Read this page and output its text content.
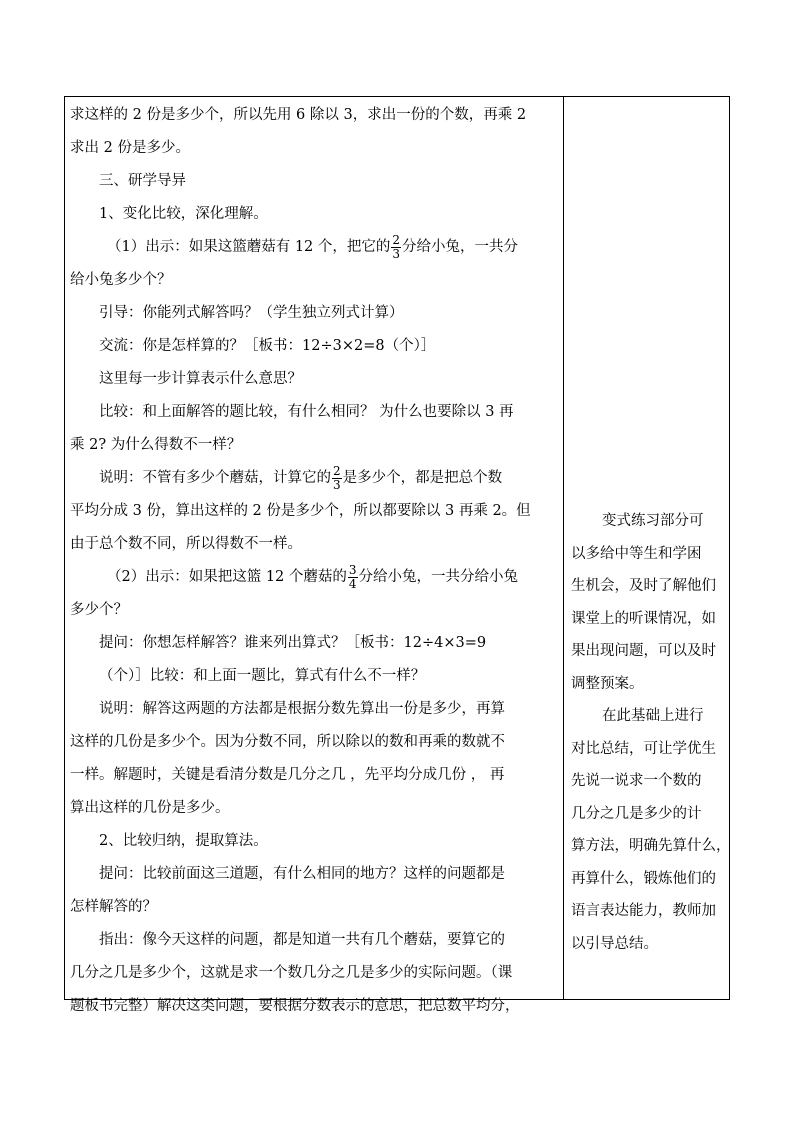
求这样的 2 份是多少个，所以先用 6 除以 3，求出一份的个数，再乘 2

求出 2 份是多少。

三、研学导异

1、变化比较，深化理解。

（1）出示：如果这篮蘑菇有 12 个，把它的 $\frac{2}{3}$ 分给小兔，一共分

给小兔多少个？

引导：你能列式解答吗？（学生独立列式计算）

交流：你是怎样算的？［板书：12÷3×2=8（个）］

这里每一步计算表示什么意思？

比较：和上面解答的题比较，有什么相同？ 为什么也要除以 3 再

乘 2? 为什么得数不一样？

说明：不管有多少个蘑菇，计算它的 $\frac{2}{3}$ 是多少个，都是把总个数

平均分成 3 份，算出这样的 2 份是多少个，所以都要除以 3 再乘 2。但

由于总个数不同，所以得数不一样。

（2）出示：如果把这篮 12 个蘑菇的 $\frac{3}{4}$ 分给小兔，一共分给小兔

多少个？

提问：你想怎样解答？谁来列出算式？［板书：12÷4×3=9

（个）］比较：和上面一题比，算式有什么不一样？

说明：解答这两题的方法都是根据分数先算出一份是多少，再算

这样的几份是多少个。因为分数不同，所以除以的数和再乘的数就不

一样。解题时，关键是看清分数是几分之几 ，先平均分成几份 ， 再

算出这样的几份是多少。

2、比较归纳，提取算法。

提问：比较前面这三道题，有什么相同的地方？这样的问题都是

怎样解答的？

指出：像今天这样的问题，都是知道一共有几个蘑菇，要算它的

几分之几是多少个，这就是求一个数几分之几是多少的实际问题。（课

题板书完整）解决这类问题，要根据分数表示的意思，把总数平均分，

变式练习部分可

以多给中等生和学困

生机会，及时了解他们

课堂上的听课情况，如

果出现问题，可以及时

调整预案。

在此基础上进行

对比总结，可让学优生

先说一说求一个数的

几分之几是多少的计

算方法，明确先算什么，

再算什么，锻炼他们的

语言表达能力，教师加

以引导总结。
